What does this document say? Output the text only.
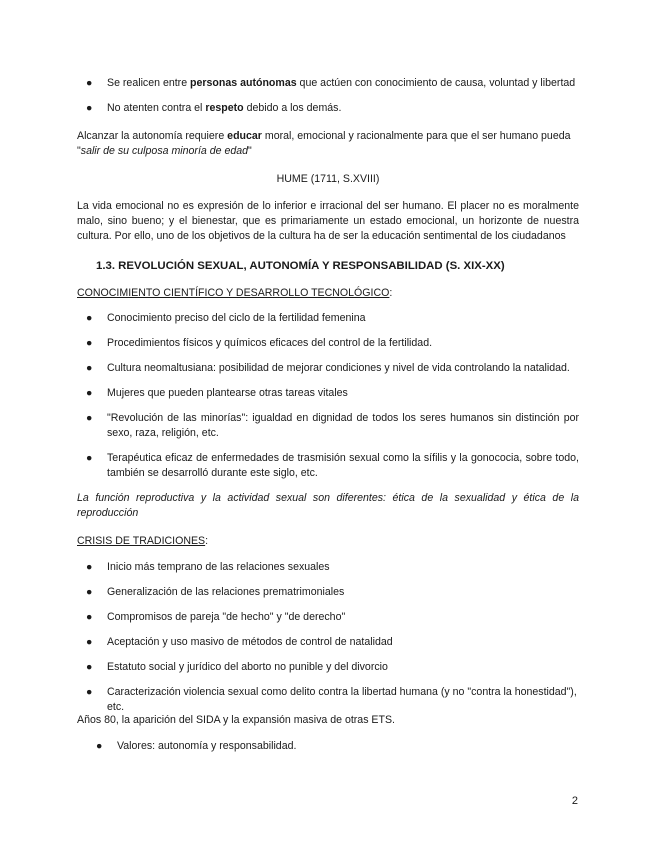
●	Se realicen entre personas autónomas que actúen con conocimiento de causa, voluntad y libertad
●	No atenten contra el respeto debido a los demás.
Alcanzar la autonomía requiere educar moral, emocional y racionalmente para que el ser humano pueda
"salir de su culposa minoría de edad"
HUME (1711, S.XVIII)
La vida emocional no es expresión de lo inferior e irracional del ser humano. El placer no es moralmente malo, sino bueno; y el bienestar, que es primariamente un estado emocional, un horizonte de nuestra cultura. Por ello, uno de los objetivos de la cultura ha de ser la educación sentimental de los ciudadanos
1.3. REVOLUCIÓN SEXUAL, AUTONOMÍA Y RESPONSABILIDAD (S. XIX-XX)
CONOCIMIENTO CIENTÍFICO Y DESARROLLO TECNOLÓGICO:
●	Conocimiento preciso del ciclo de la fertilidad femenina
●	Procedimientos físicos y químicos eficaces del control de la fertilidad.
●	Cultura neomaltusiana: posibilidad de mejorar condiciones y nivel de vida controlando la natalidad.
●	Mujeres que pueden plantearse otras tareas vitales
●	"Revolución de las minorías": igualdad en dignidad de todos los seres humanos sin distinción por sexo, raza, religión, etc.
●	Terapéutica eficaz de enfermedades de trasmisión sexual como la sífilis y la gonococia, sobre todo, también se desarrolló durante este siglo, etc.
La función reproductiva y la actividad sexual son diferentes: ética de la sexualidad y ética de la reproducción
CRISIS DE TRADICIONES:
●	Inicio más temprano de las relaciones sexuales
●	Generalización de las relaciones prematrimoniales
●	Compromisos de pareja "de hecho" y "de derecho"
●	Aceptación y uso masivo de métodos de control de natalidad
●	Estatuto social y jurídico del aborto no punible y del divorcio
●	Caracterización violencia sexual como delito contra la libertad humana (y no "contra la honestidad"), etc.
Años 80, la aparición del SIDA y la expansión masiva de otras ETS.
●	Valores: autonomía y responsabilidad.
2
